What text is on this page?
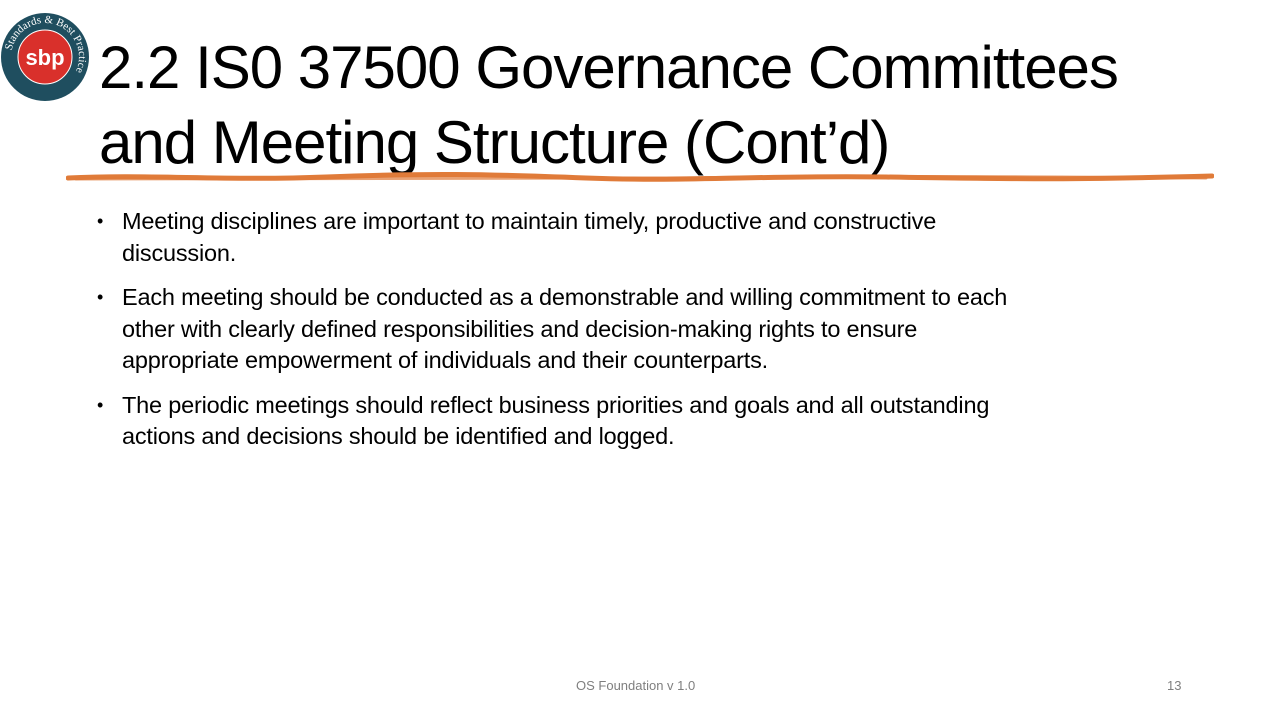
Standards & Best Practice
sbp 2.2 IS0 37500 Governance Committees
and Meeting Structure (Cont’d)
• Meeting disciplines are important to maintain timely, productive and constructive
discussion.
• Each meeting should be conducted as a demonstrable and willing commitment to each
other with clearly defined responsibilities and decision-making rights to ensure
appropriate empowerment of individuals and their counterparts.
• The periodic meetings should reflect business priorities and goals and all outstanding
actions and decisions should be identified and logged.
OS Foundation v 1.0	13
